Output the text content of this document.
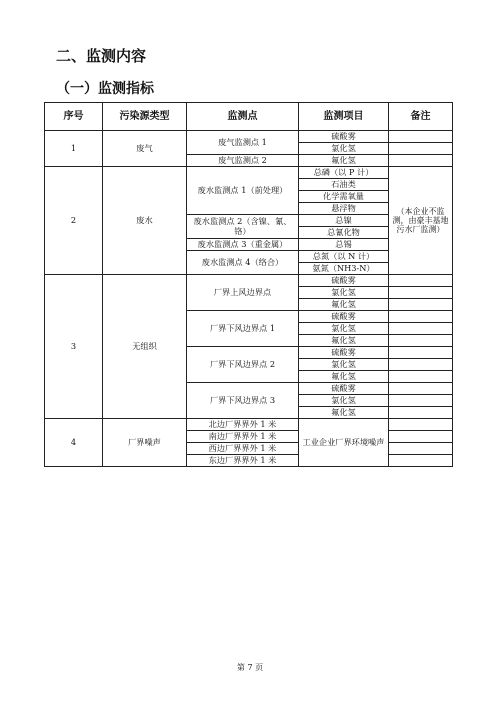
二、监测内容
（一）监测指标
序号	污染源类型	监测点	监测项目	备注
1	废气	废气监测点 1	硫酸雾	
			氯化氢	
		废气监测点 2	氟化氢	
2	废水	废水监测点 1（前处理）	总磷（以 P 计）	（本企业不监测，由豪丰基地污水厂监测）
			石油类	
			化学需氧量	
			悬浮物	
		废水监测点 2（含镍、氰、铬）	总镍	
			总氰化物	
		废水监测点 3（重金属）	总锡	
		废水监测点 4（络合）	总氮（以 N 计）	
			氨氮（NH3-N）	
3	无组织	厂界上风边界点	硫酸雾	
			氯化氢	
			氟化氢	
		厂界下风边界点 1	硫酸雾	
			氯化氢	
			氟化氢	
		厂界下风边界点 2	硫酸雾	
			氯化氢	
			氟化氢	
		厂界下风边界点 3	硫酸雾	
			氯化氢	
			氟化氢	
4	厂界噪声	北边厂界界外 1 米	工业企业厂界环境噪声	
		南边厂界界外 1 米		
		西边厂界界外 1 米		
		东边厂界界外 1 米		
第 7 页
